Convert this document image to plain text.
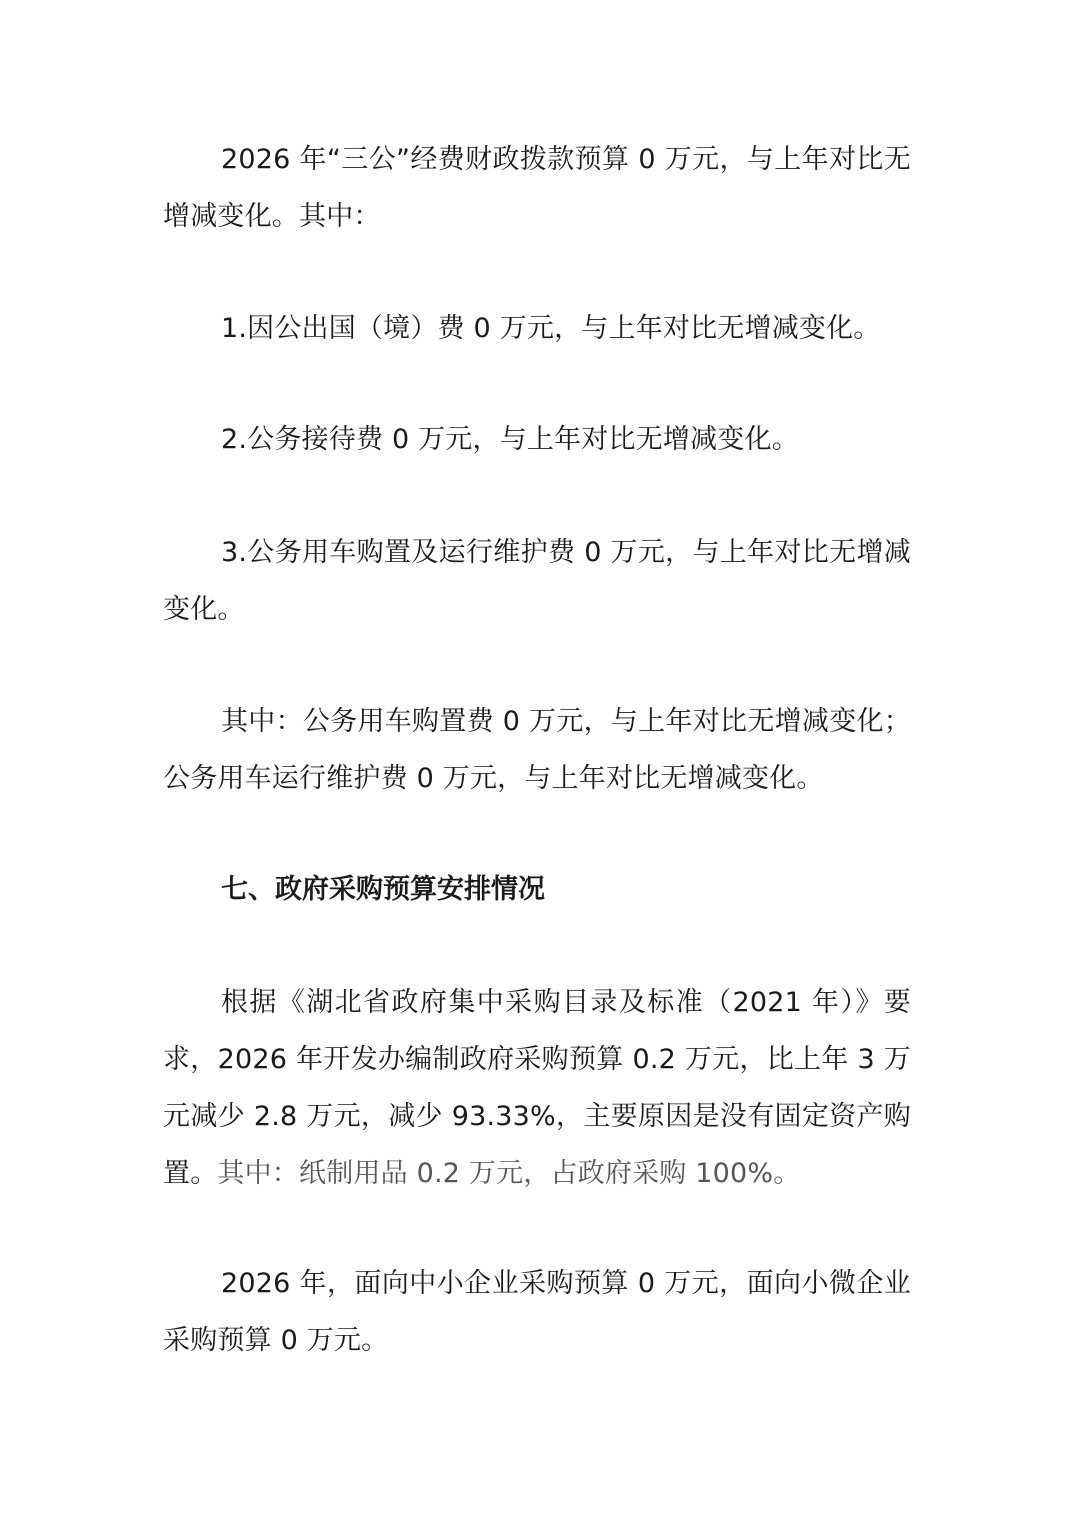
2026 年“三公”经费财政拨款预算 0 万元，与上年对比无增减变化。其中：

1.因公出国（境）费 0 万元，与上年对比无增减变化。

2.公务接待费 0 万元，与上年对比无增减变化。

3.公务用车购置及运行维护费 0 万元，与上年对比无增减变化。

其中：公务用车购置费 0 万元，与上年对比无增减变化；公务用车运行维护费 0 万元，与上年对比无增减变化。

七、政府采购预算安排情况

根据《湖北省政府集中采购目录及标准（2021 年）》要求，2026 年开发办编制政府采购预算 0.2 万元，比上年 3 万元减少 2.8 万元，减少 93.33%，主要原因是没有固定资产购置。其中：纸制用品 0.2 万元，占政府采购 100%。

2026 年，面向中小企业采购预算 0 万元，面向小微企业采购预算 0 万元。
